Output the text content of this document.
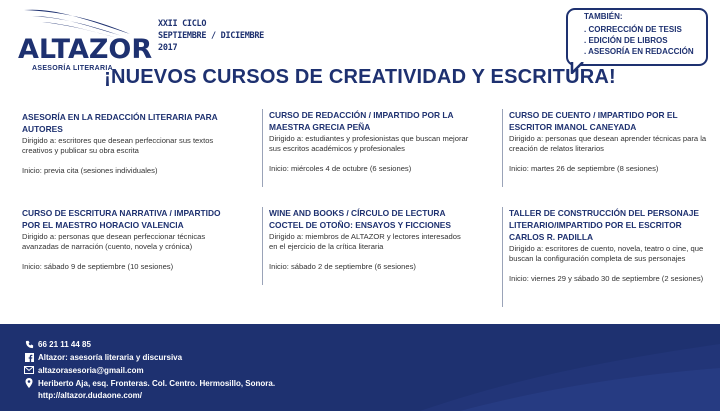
ALTAZOR
ASESORÍA LITERARIA
XXII CICLO
SEPTIEMBRE / DICIEMBRE
2017
TAMBIÉN:
. CORRECCIÓN DE TESIS
. EDICIÓN DE LIBROS
. ASESORÍA EN REDACCIÓN
¡NUEVOS CURSOS DE CREATIVIDAD Y ESCRITURA!
ASESORÍA EN LA REDACCIÓN LITERARIA PARA AUTORES
Dirigido a: escritores que desean perfeccionar sus textos creativos y publicar su obra escrita
Inicio: previa cita (sesiones individuales)
CURSO DE REDACCIÓN / IMPARTIDO POR LA MAESTRA GRECIA PEÑA
Dirigido a: estudiantes y profesionistas que buscan mejorar sus escritos académicos y profesionales
Inicio: miércoles 4 de octubre (6 sesiones)
CURSO DE CUENTO / IMPARTIDO POR EL ESCRITOR IMANOL CANEYADA
Dirigido a: personas que desean aprender técnicas para la creación de relatos literarios
Inicio: martes 26 de septiembre (8 sesiones)
CURSO DE ESCRITURA NARRATIVA / IMPARTIDO POR EL MAESTRO HORACIO VALENCIA
Dirigido a: personas que desean perfeccionar técnicas avanzadas de narración (cuento, novela y crónica)
Inicio: sábado 9 de septiembre (10 sesiones)
WINE AND BOOKS / CÍRCULO DE LECTURA COCTEL DE OTOÑO: ENSAYOS Y FICCIONES
Dirigido a: miembros de ALTAZOR y lectores interesados en el ejercicio de la crítica literaria
Inicio: sábado 2 de septiembre (6 sesiones)
TALLER DE CONSTRUCCIÓN DEL PERSONAJE LITERARIO/IMPARTIDO POR EL ESCRITOR CARLOS R. PADILLA
Dirigido a: escritores de cuento, novela, teatro o cine, que buscan la configuración completa de sus personajes
Inicio: viernes 29 y sábado 30 de septiembre (2 sesiones)
66 21 11 44 85
Altazor: asesoría literaria y discursiva
altazorasesoria@gmail.com
Heriberto Aja, esq. Fronteras. Col. Centro. Hermosillo, Sonora.
http://altazor.dudaone.com/
